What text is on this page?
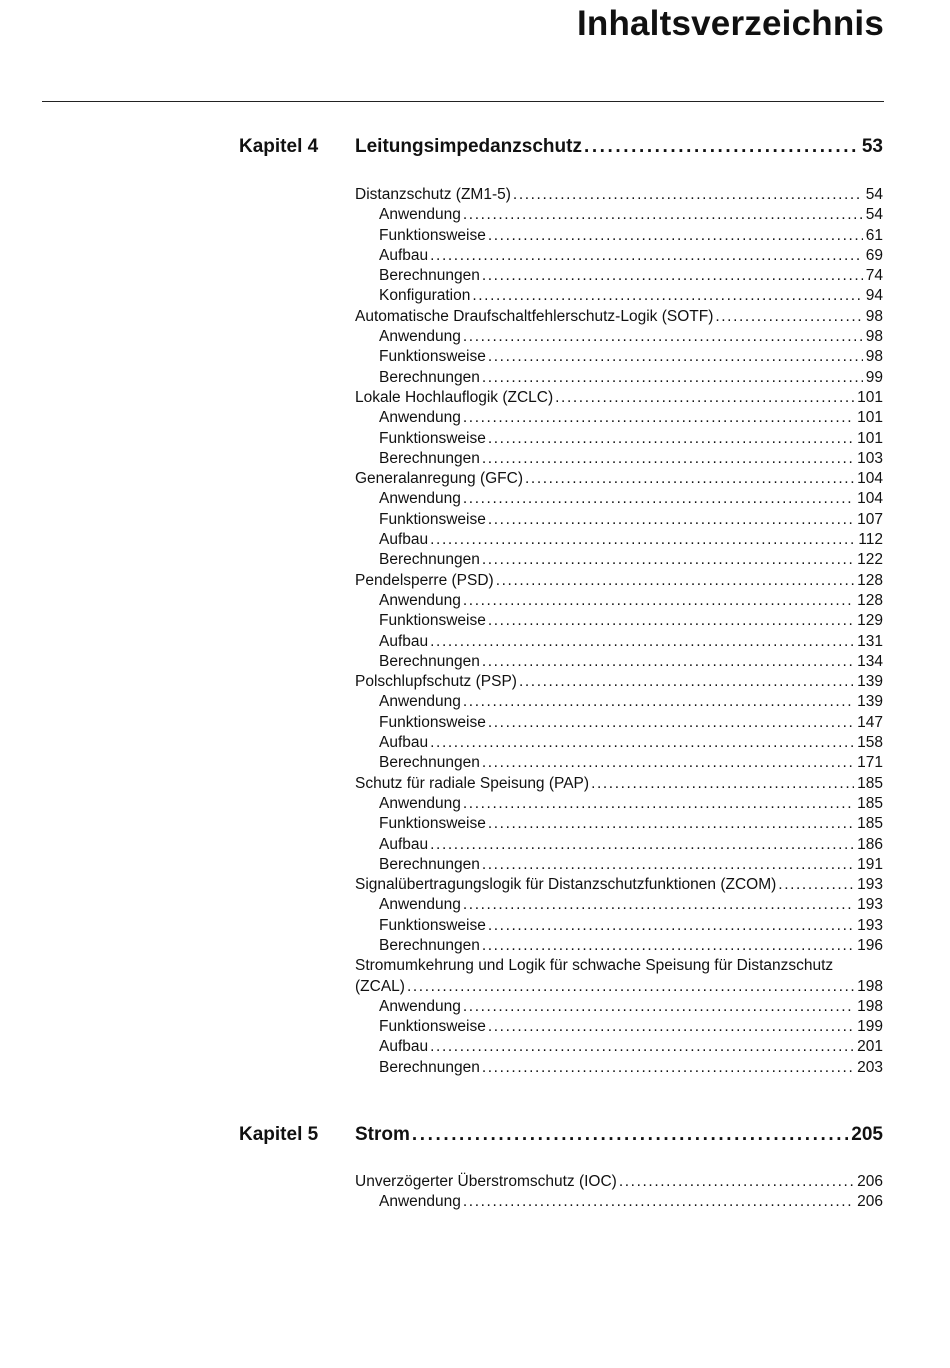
Inhaltsverzeichnis
Kapitel 4 Leitungsimpedanzschutz . . .	53
Distanzschutz (ZM1-5) . . .	54
Anwendung . . .	54
Funktionsweise . . .	61
Aufbau . . .	69
Berechnungen . . .	74
Konfiguration . . .	94
Automatische Draufschaltfehlerschutz-Logik (SOTF) . . .	98
Anwendung . . .	98
Funktionsweise . . .	98
Berechnungen . . .	99
Lokale Hochlauflogik (ZCLC) . . .	101
Anwendung . . .	101
Funktionsweise . . .	101
Berechnungen . . .	103
Generalanregung (GFC) . . .	104
Anwendung . . .	104
Funktionsweise . . .	107
Aufbau . . .	112
Berechnungen . . .	122
Pendelsperre (PSD) . . .	128
Anwendung . . .	128
Funktionsweise . . .	129
Aufbau . . .	131
Berechnungen . . .	134
Polschlupfschutz (PSP) . . .	139
Anwendung . . .	139
Funktionsweise . . .	147
Aufbau . . .	158
Berechnungen . . .	171
Schutz für radiale Speisung (PAP) . . .	185
Anwendung . . .	185
Funktionsweise . . .	185
Aufbau . . .	186
Berechnungen . . .	191
Signalübertragungslogik für Distanzschutzfunktionen (ZCOM) . . .	193
Anwendung . . .	193
Funktionsweise . . .	193
Berechnungen . . .	196
Stromumkehrung und Logik für schwache Speisung für Distanzschutz
(ZCAL) . . .	198
Anwendung . . .	198
Funktionsweise . . .	199
Aufbau . . .	201
Berechnungen . . .	203
Kapitel 5 Strom . . .	205
Unverzögerter Überstromschutz (IOC) . . .	206
Anwendung . . .	206
